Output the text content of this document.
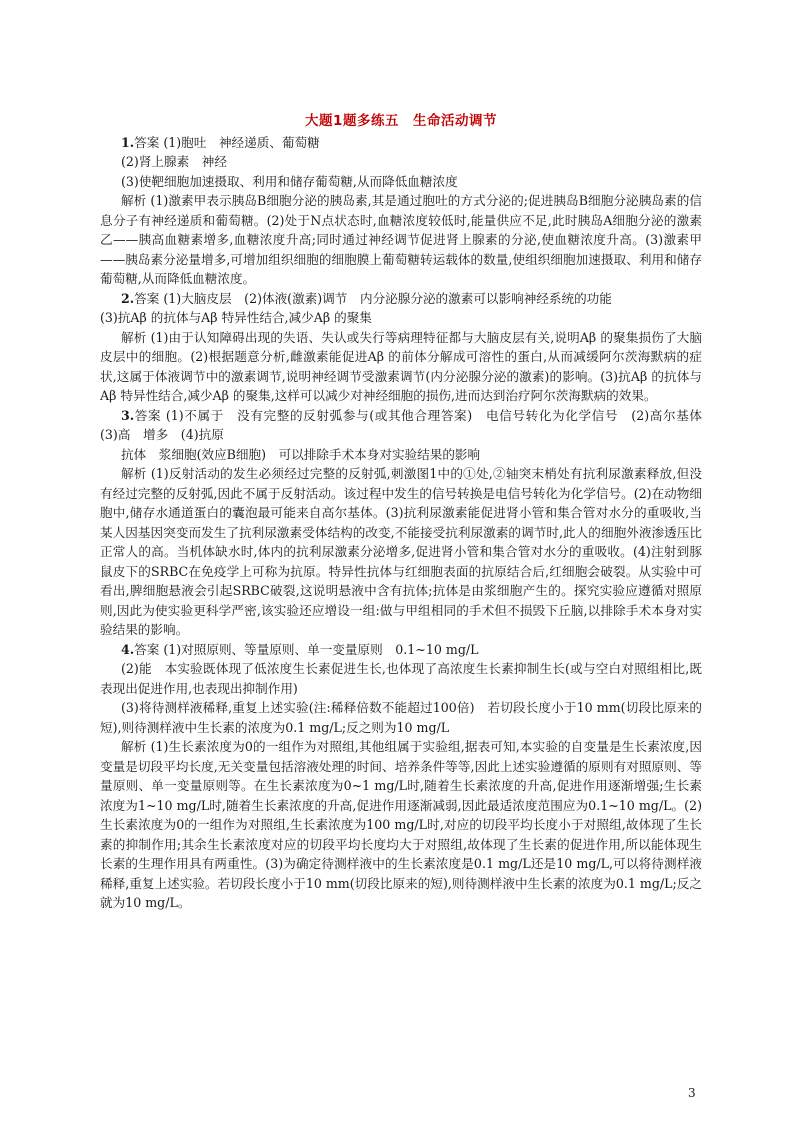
大题1题多练五　生命活动调节

1.答案 (1)胞吐　神经递质、葡萄糖

(2)肾上腺素　神经

(3)使靶细胞加速摄取、利用和储存葡萄糖,从而降低血糖浓度

解析 (1)激素甲表示胰岛B细胞分泌的胰岛素,其是通过胞吐的方式分泌的;促进胰岛B细胞分泌胰岛素的信息分子有神经递质和葡萄糖。(2)处于N点状态时,血糖浓度较低时,能量供应不足,此时胰岛A细胞分泌的激素乙——胰高血糖素增多,血糖浓度升高;同时通过神经调节促进肾上腺素的分泌,使血糖浓度升高。(3)激素甲——胰岛素分泌量增多,可增加组织细胞的细胞膜上葡萄糖转运载体的数量,使组织细胞加速摄取、利用和储存葡萄糖,从而降低血糖浓度。

2.答案 (1)大脑皮层　(2)体液(激素)调节　内分泌腺分泌的激素可以影响神经系统的功能

(3)抗Aβ 的抗体与Aβ 特异性结合,减少Aβ 的聚集

解析 (1)由于认知障碍出现的失语、失认或失行等病理特征都与大脑皮层有关,说明Aβ 的聚集损伤了大脑皮层中的细胞。(2)根据题意分析,雌激素能促进Aβ 的前体分解成可溶性的蛋白,从而减缓阿尔茨海默病的症状,这属于体液调节中的激素调节,说明神经调节受激素调节(内分泌腺分泌的激素)的影响。(3)抗Aβ 的抗体与Aβ 特异性结合,减少Aβ 的聚集,这样可以减少对神经细胞的损伤,进而达到治疗阿尔茨海默病的效果。

3.答案 (1)不属于　没有完整的反射弧参与(或其他合理答案)　电信号转化为化学信号　(2)高尔基体　(3)高　增多　(4)抗原

抗体　浆细胞(效应B细胞)　可以排除手术本身对实验结果的影响

解析 (1)反射活动的发生必须经过完整的反射弧,刺激图1中的①处,②轴突末梢处有抗利尿激素释放,但没有经过完整的反射弧,因此不属于反射活动。该过程中发生的信号转换是电信号转化为化学信号。(2)在动物细胞中,储存水通道蛋白的囊泡最可能来自高尔基体。(3)抗利尿激素能促进肾小管和集合管对水分的重吸收,当某人因基因突变而发生了抗利尿激素受体结构的改变,不能接受抗利尿激素的调节时,此人的细胞外液渗透压比正常人的高。当机体缺水时,体内的抗利尿激素分泌增多,促进肾小管和集合管对水分的重吸收。(4)注射到豚鼠皮下的SRBC在免疫学上可称为抗原。特异性抗体与红细胞表面的抗原结合后,红细胞会破裂。从实验中可看出,脾细胞悬液会引起SRBC破裂,这说明悬液中含有抗体;抗体是由浆细胞产生的。探究实验应遵循对照原则,因此为使实验更科学严密,该实验还应增设一组:做与甲组相同的手术但不损毁下丘脑,以排除手术本身对实验结果的影响。

4.答案 (1)对照原则、等量原则、单一变量原则　0.1~10 mg/L

(2)能　本实验既体现了低浓度生长素促进生长,也体现了高浓度生长素抑制生长(或与空白对照组相比,既表现出促进作用,也表现出抑制作用)

(3)将待测样液稀释,重复上述实验(注:稀释倍数不能超过100倍)　若切段长度小于10 mm(切段比原来的短),则待测样液中生长素的浓度为0.1 mg/L;反之则为10 mg/L

解析 (1)生长素浓度为0的一组作为对照组,其他组属于实验组,据表可知,本实验的自变量是生长素浓度,因变量是切段平均长度,无关变量包括溶液处理的时间、培养条件等等,因此上述实验遵循的原则有对照原则、等量原则、单一变量原则等。在生长素浓度为0~1 mg/L时,随着生长素浓度的升高,促进作用逐渐增强;生长素浓度为1~10 mg/L时,随着生长素浓度的升高,促进作用逐渐减弱,因此最适浓度范围应为0.1~10 mg/L。(2)生长素浓度为0的一组作为对照组,生长素浓度为100 mg/L时,对应的切段平均长度小于对照组,故体现了生长素的抑制作用;其余生长素浓度对应的切段平均长度均大于对照组,故体现了生长素的促进作用,所以能体现生长素的生理作用具有两重性。(3)为确定待测样液中的生长素浓度是0.1 mg/L还是10 mg/L,可以将待测样液稀释,重复上述实验。若切段长度小于10 mm(切段比原来的短),则待测样液中生长素的浓度为0.1 mg/L;反之就为10 mg/L。

3
